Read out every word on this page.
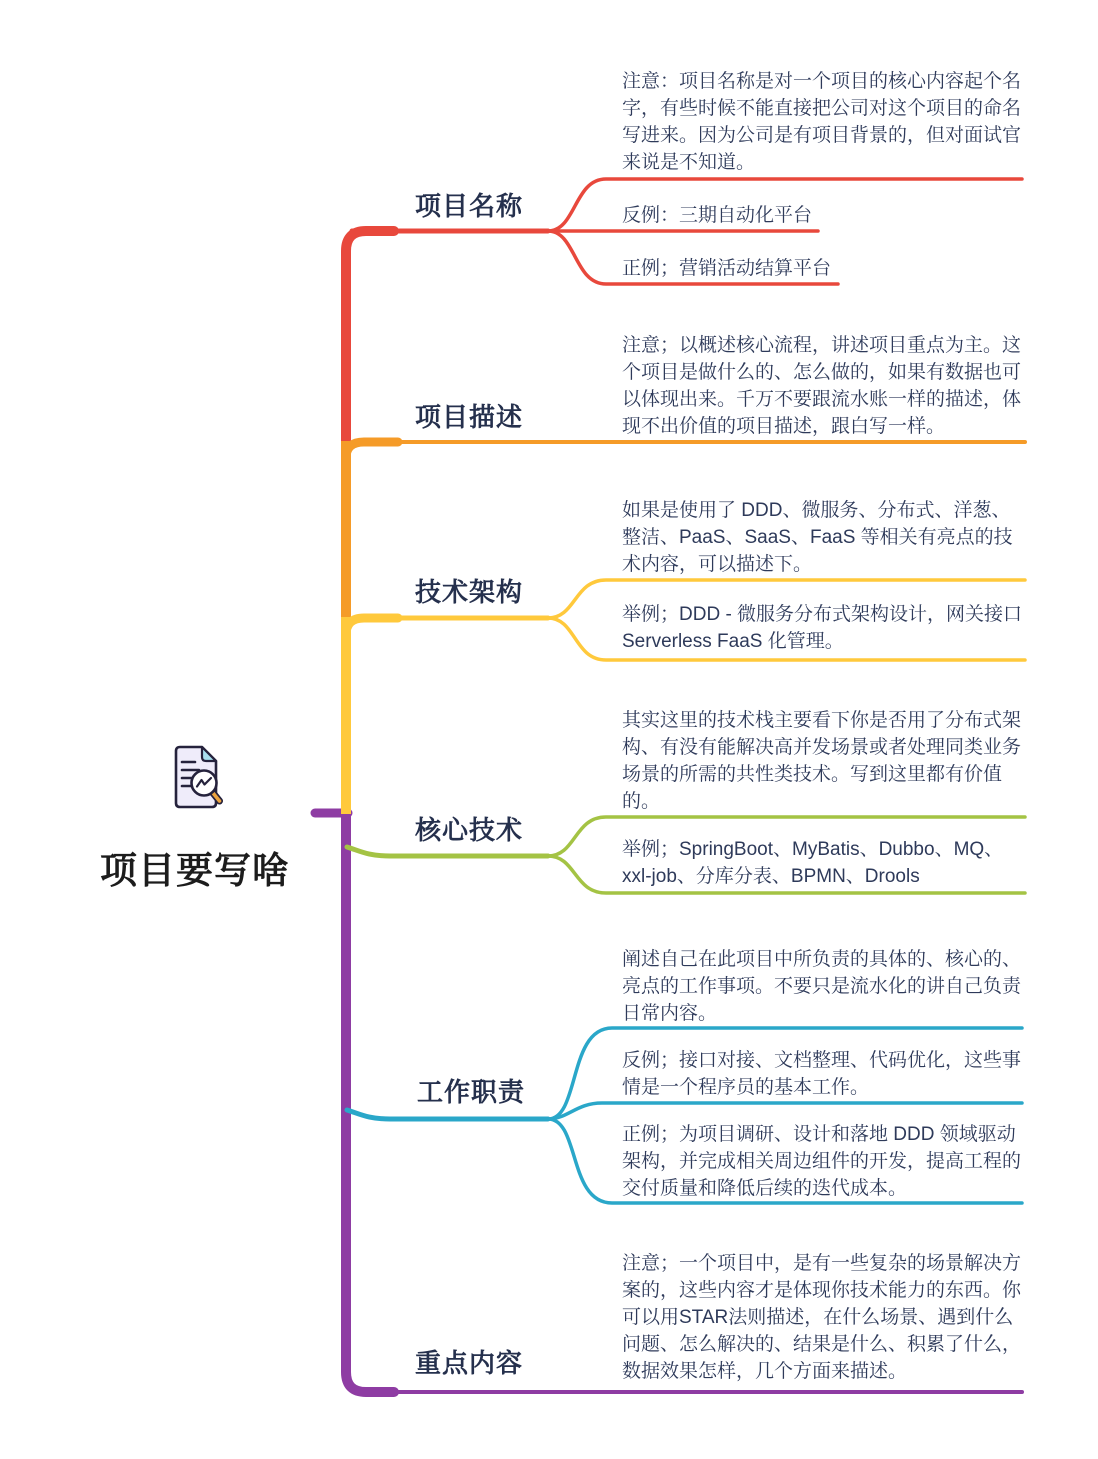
项目要写啥
项目名称
项目描述
技术架构
核心技术
工作职责
重点内容
注意：项目名称是对一个项目的核心内容起个名字，有些时候不能直接把公司对这个项目的命名写进来。因为公司是有项目背景的，但对面试官来说是不知道。
反例：三期自动化平台
正例；营销活动结算平台
注意；以概述核心流程，讲述项目重点为主。这个项目是做什么的、怎么做的，如果有数据也可以体现出来。千万不要跟流水账一样的描述，体现不出价值的项目描述，跟白写一样。
如果是使用了 DDD、微服务、分布式、洋葱、整洁、PaaS、SaaS、FaaS 等相关有亮点的技术内容，可以描述下。
举例；DDD - 微服务分布式架构设计，网关接口 Serverless FaaS 化管理。
其实这里的技术栈主要看下你是否用了分布式架构、有没有能解决高并发场景或者处理同类业务场景的所需的共性类技术。写到这里都有价值的。
举例；SpringBoot、MyBatis、Dubbo、MQ、xxl-job、分库分表、BPMN、Drools
阐述自己在此项目中所负责的具体的、核心的、亮点的工作事项。不要只是流水化的讲自己负责日常内容。
反例；接口对接、文档整理、代码优化，这些事情是一个程序员的基本工作。
正例；为项目调研、设计和落地 DDD 领域驱动架构，并完成相关周边组件的开发，提高工程的交付质量和降低后续的迭代成本。
注意；一个项目中，是有一些复杂的场景解决方案的，这些内容才是体现你技术能力的东西。你可以用STAR法则描述，在什么场景、遇到什么问题、怎么解决的、结果是什么、积累了什么，数据效果怎样，几个方面来描述。
